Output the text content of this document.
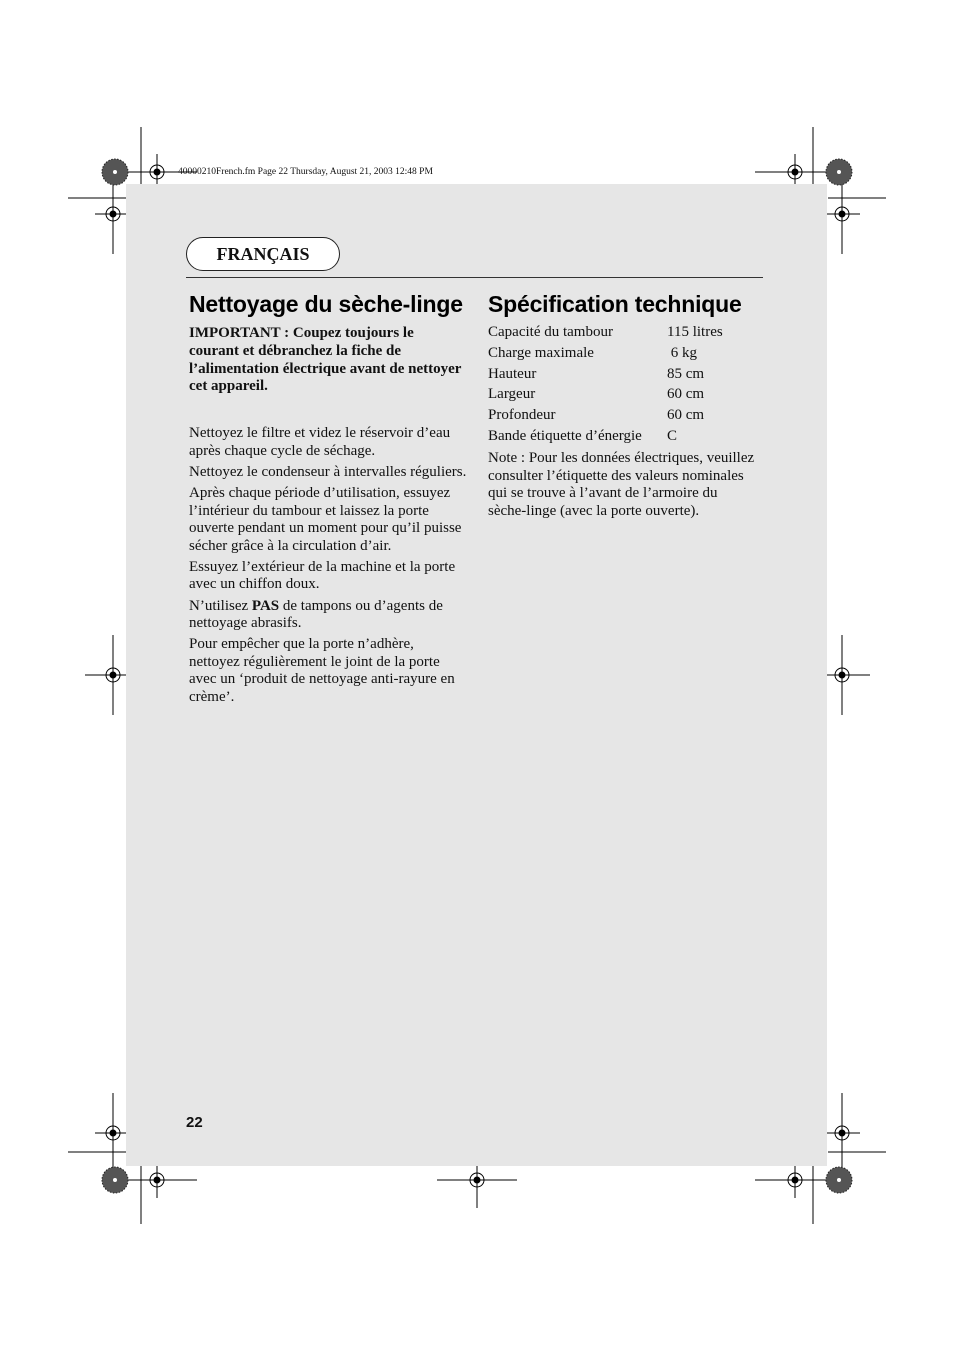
40000210French.fm Page 22 Thursday, August 21, 2003 12:48 PM
FRANÇAIS
Nettoyage du sèche-linge
IMPORTANT : Coupez toujours le courant et débranchez la fiche de l’alimentation électrique avant de nettoyer cet appareil.

Nettoyez le filtre et videz le réservoir d’eau après chaque cycle de séchage.

Nettoyez le condenseur à intervalles réguliers.

Après chaque période d’utilisation, essuyez l’intérieur du tambour et laissez la porte ouverte pendant un moment pour qu’il puisse sécher grâce à la circulation d’air.

Essuyez l’extérieur de la machine et la porte avec un chiffon doux.

N’utilisez PAS de tampons ou d’agents de nettoyage abrasifs.

Pour empêcher que la porte n’adhère, nettoyez régulièrement le joint de la porte avec un ‘produit de nettoyage anti-rayure en crème’.

Spécification technique
Capacité du tambour	115 litres
Charge maximale	6 kg
Hauteur	85 cm
Largeur	60 cm
Profondeur	60 cm
Bande étiquette d’énergie	C
Note : Pour les données électriques, veuillez consulter l’étiquette des valeurs nominales qui se trouve à l’avant de l’armoire du sèche-linge (avec la porte ouverte).
22
